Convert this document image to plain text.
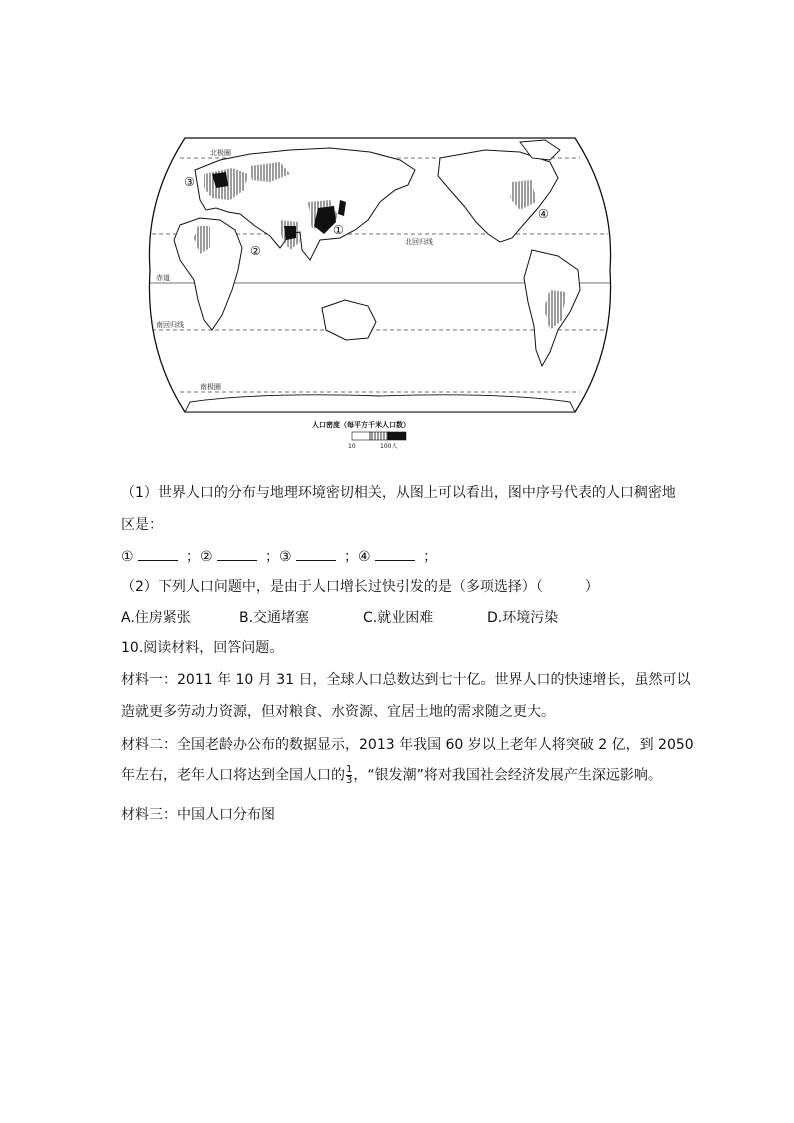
北极圈
北回归线
赤道
南回归线
南极圈
③
②
①
④
人口密度（每平方千米人口数）
10	100人
（1）世界人口的分布与地理环境密切相关，从图上可以看出，图中序号代表的人口稠密地
区是：
①	；②	；③	；④	；
（2）下列人口问题中，是由于人口增长过快引发的是（多项选择）（　　　）
A.住房紧张	B.交通堵塞	C.就业困难	D.环境污染
10.阅读材料，回答问题。
材料一：2011 年 10 月 31 日，全球人口总数达到七十亿。世界人口的快速增长，虽然可以
造就更多劳动力资源，但对粮食、水资源、宜居土地的需求随之更大。
材料二：全国老龄办公布的数据显示，2013 年我国 60 岁以上老年人将突破 2 亿，到 2050
年左右，老年人口将达到全国人口的 $\frac{1}{3}$ ，“银发潮”将对我国社会经济发展产生深远影响。
材料三：中国人口分布图
